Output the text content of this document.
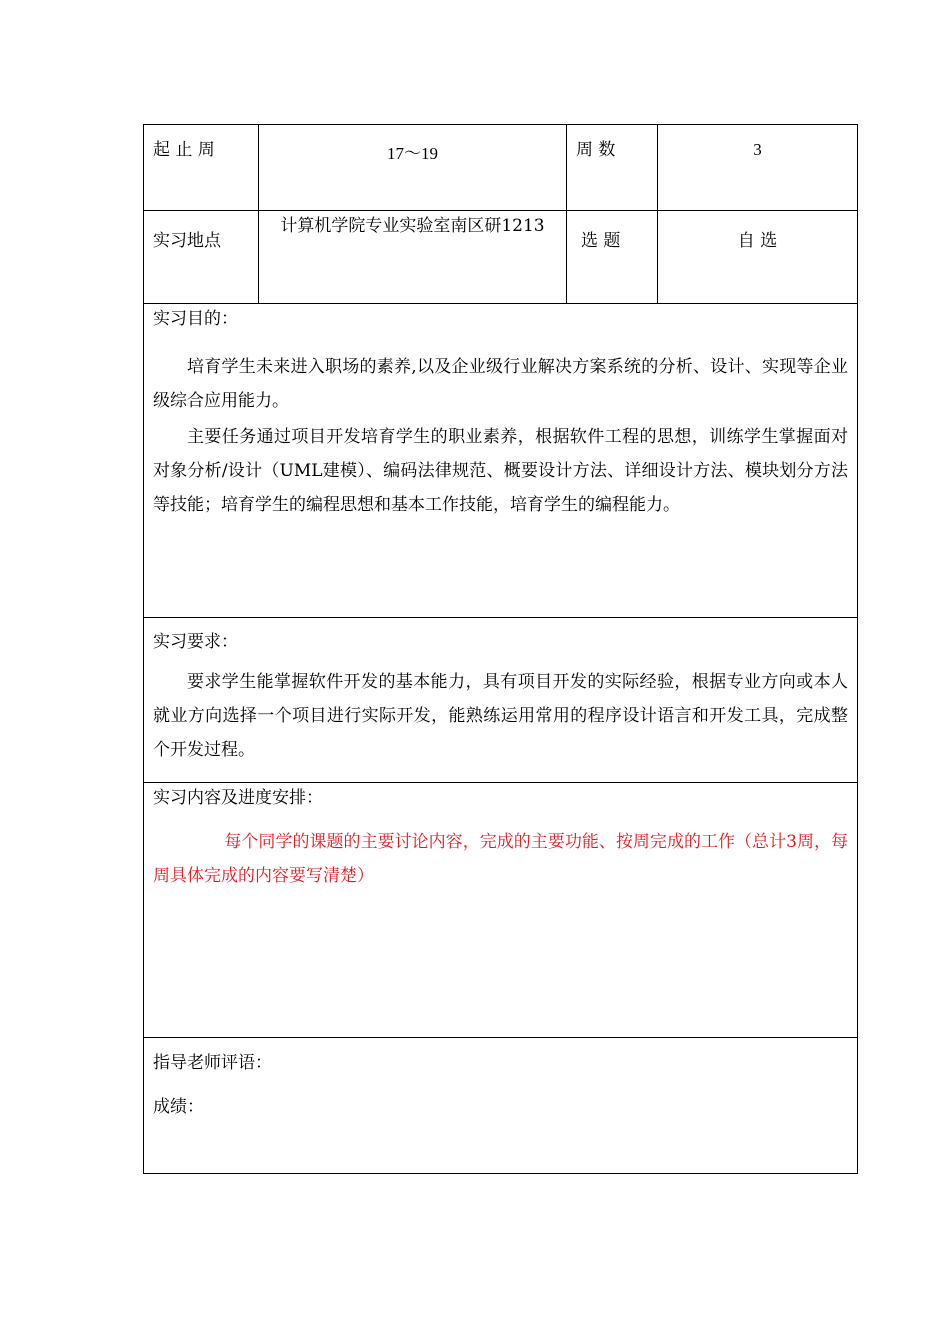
起 止 周	17～19	周 数	3
实习地点	计算机学院专业实验室南区研1213	选 题	自 选

实习目的：

培育学生未来进入职场的素养,以及企业级行业解决方案系统的分析、设计、实现等企业级综合应用能力。

主要任务通过项目开发培育学生的职业素养，根据软件工程的思想，训练学生掌握面对对象分析/设计（UML建模）、编码法律规范、概要设计方法、详细设计方法、模块划分方法等技能；培育学生的编程思想和基本工作技能，培育学生的编程能力。			

实习要求：

要求学生能掌握软件开发的基本能力，具有项目开发的实际经验，根据专业方向或本人就业方向选择一个项目进行实际开发，能熟练运用常用的程序设计语言和开发工具，完成整个开发过程。			

实习内容及进度安排：

每个同学的课题的主要讨论内容，完成的主要功能、按周完成的工作（总计3周，每周具体完成的内容要写清楚）			

指导老师评语：

成绩：			
